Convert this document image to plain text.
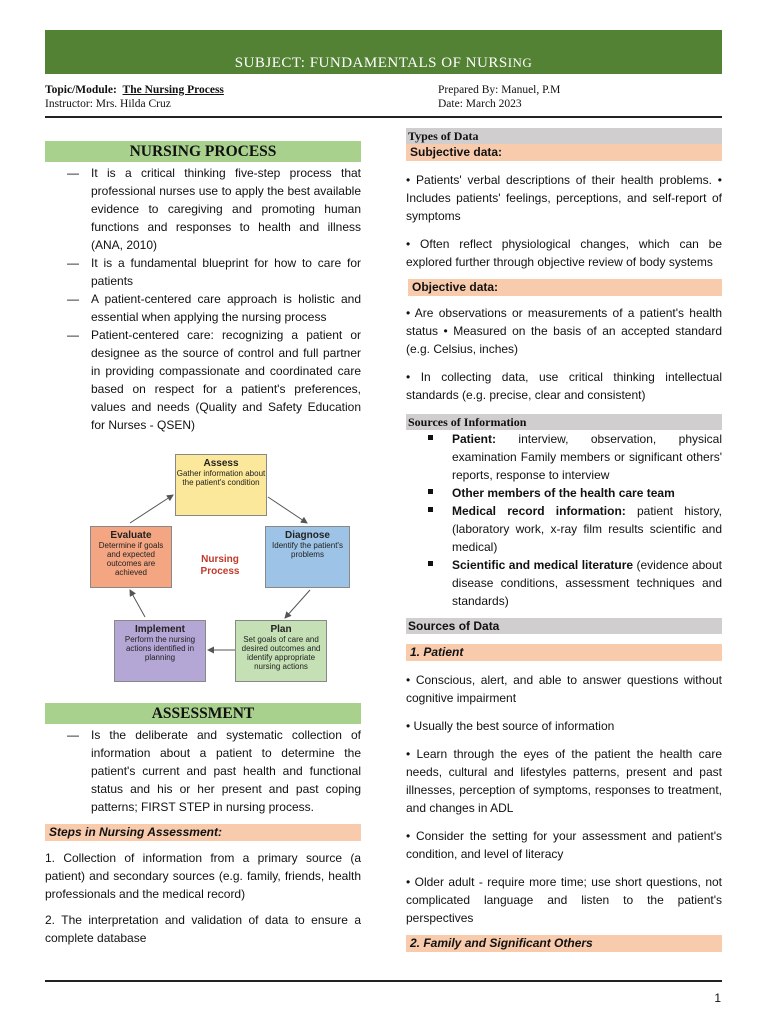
SUBJECT: FUNDAMENTALS OF NURS ING
Topic/Module: The Nursing Process
Instructor: Mrs. Hilda Cruz
Prepared By: Manuel, P.M
Date: March 2023
NURSING PROCESS
— It is a critical thinking five-step process that professional nurses use to apply the best available evidence to caregiving and promoting human functions and responses to health and illness (ANA, 2010)
— It is a fundamental blueprint for how to care for patients
— A patient-centered care approach is holistic and essential when applying the nursing process
— Patient-centered care: recognizing a patient or designee as the source of control and full partner in providing compassionate and coordinated care based on respect for a patient's preferences, values and needs (Quality and Safety Education for Nurses - QSEN)
Assess
Gather information about the patient's condition
Diagnose
Identify the patient's problems
Plan
Set goals of care and desired outcomes and identify appropriate nursing actions
Implement
Perform the nursing actions identified in planning
Evaluate
Determine if goals and expected outcomes are achieved
Nursing Process
ASSESSMENT
— Is the deliberate and systematic collection of information about a patient to determine the patient's current and past health and functional status and his or her present and past coping patterns; FIRST STEP in nursing process.
Steps in Nursing Assessment:

1. Collection of information from a primary source (a patient) and secondary sources (e.g. family, friends, health professionals and the medical record)

2. The interpretation and validation of data to ensure a complete database

Types of Data
Subjective data:

• Patients' verbal descriptions of their health problems. • Includes patients' feelings, perceptions, and self-report of symptoms

• Often reflect physiological changes, which can be explored further through objective review of body systems

Objective data:

• Are observations or measurements of a patient's health status • Measured on the basis of an accepted standard (e.g. Celsius, inches)

• In collecting data, use critical thinking intellectual standards (e.g. precise, clear and consistent)

Sources of Information
Patient: interview, observation, physical examination Family members or significant others' reports, response to interview
Other members of the health care team
Medical record information: patient history, (laboratory work, x-ray film results scientific and medical)
Scientific and medical literature (evidence about disease conditions, assessment techniques and standards)
Sources of Data
1. Patient

• Conscious, alert, and able to answer questions without cognitive impairment

• Usually the best source of information

• Learn through the eyes of the patient the health care needs, cultural and lifestyles patterns, present and past illnesses, perception of symptoms, responses to treatment, and changes in ADL

• Consider the setting for your assessment and patient's condition, and level of literacy

• Older adult - require more time; use short questions, not complicated language and listen to the patient's perspectives

2. Family and Significant Others
1
